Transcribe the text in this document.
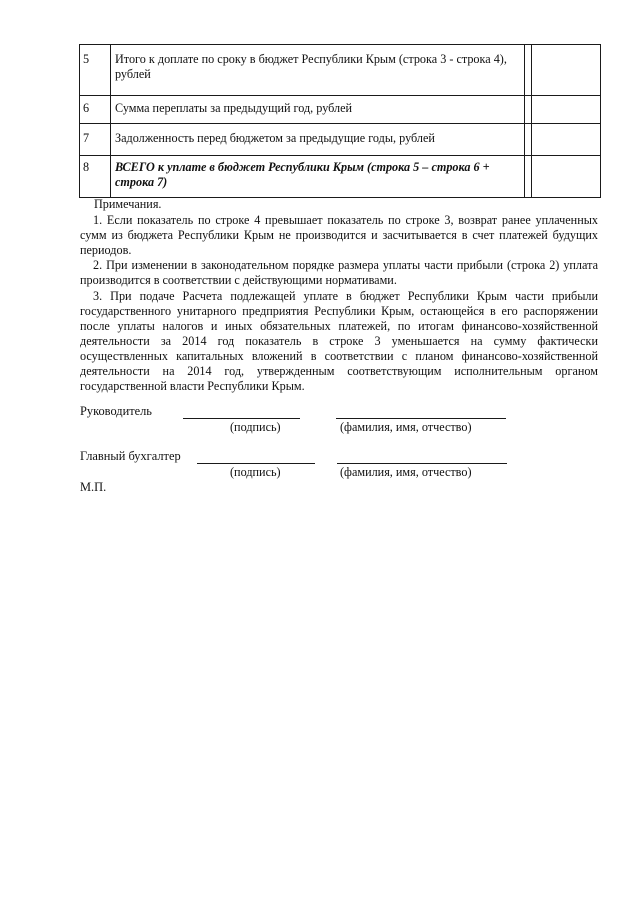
5	Итого к доплате по сроку в бюджет Республики Крым (строка 3 - строка 4), рублей		
6	Сумма переплаты за предыдущий год, рублей		
7	Задолженность перед бюджетом за предыдущие годы, рублей		
8	ВСЕГО к уплате в бюджет Республики Крым (строка 5 – строка 6 + строка 7)		
Примечания.

1. Если показатель по строке 4 превышает показатель по строке 3, возврат ранее уплаченных сумм из бюджета Республики Крым не производится и засчитывается в счет платежей будущих периодов.

2. При изменении в законодательном порядке размера уплаты части прибыли (строка 2) уплата производится в соответствии с действующими нормативами.

3. При подаче Расчета подлежащей уплате в бюджет Республики Крым части прибыли государственного унитарного предприятия Республики Крым, остающейся в его распоряжении после уплаты налогов и иных обязательных платежей, по итогам финансово-хозяйственной деятельности за 2014 год показатель в строке 3 уменьшается на сумму фактически осуществленных капитальных вложений в соответствии с планом финансово-хозяйственной деятельности на 2014 год, утвержденным соответствующим исполнительным органом государственной власти Республики Крым.

Руководитель
(подпись)	(фамилия, имя, отчество)
Главный бухгалтер
(подпись)	(фамилия, имя, отчество)
М.П.
